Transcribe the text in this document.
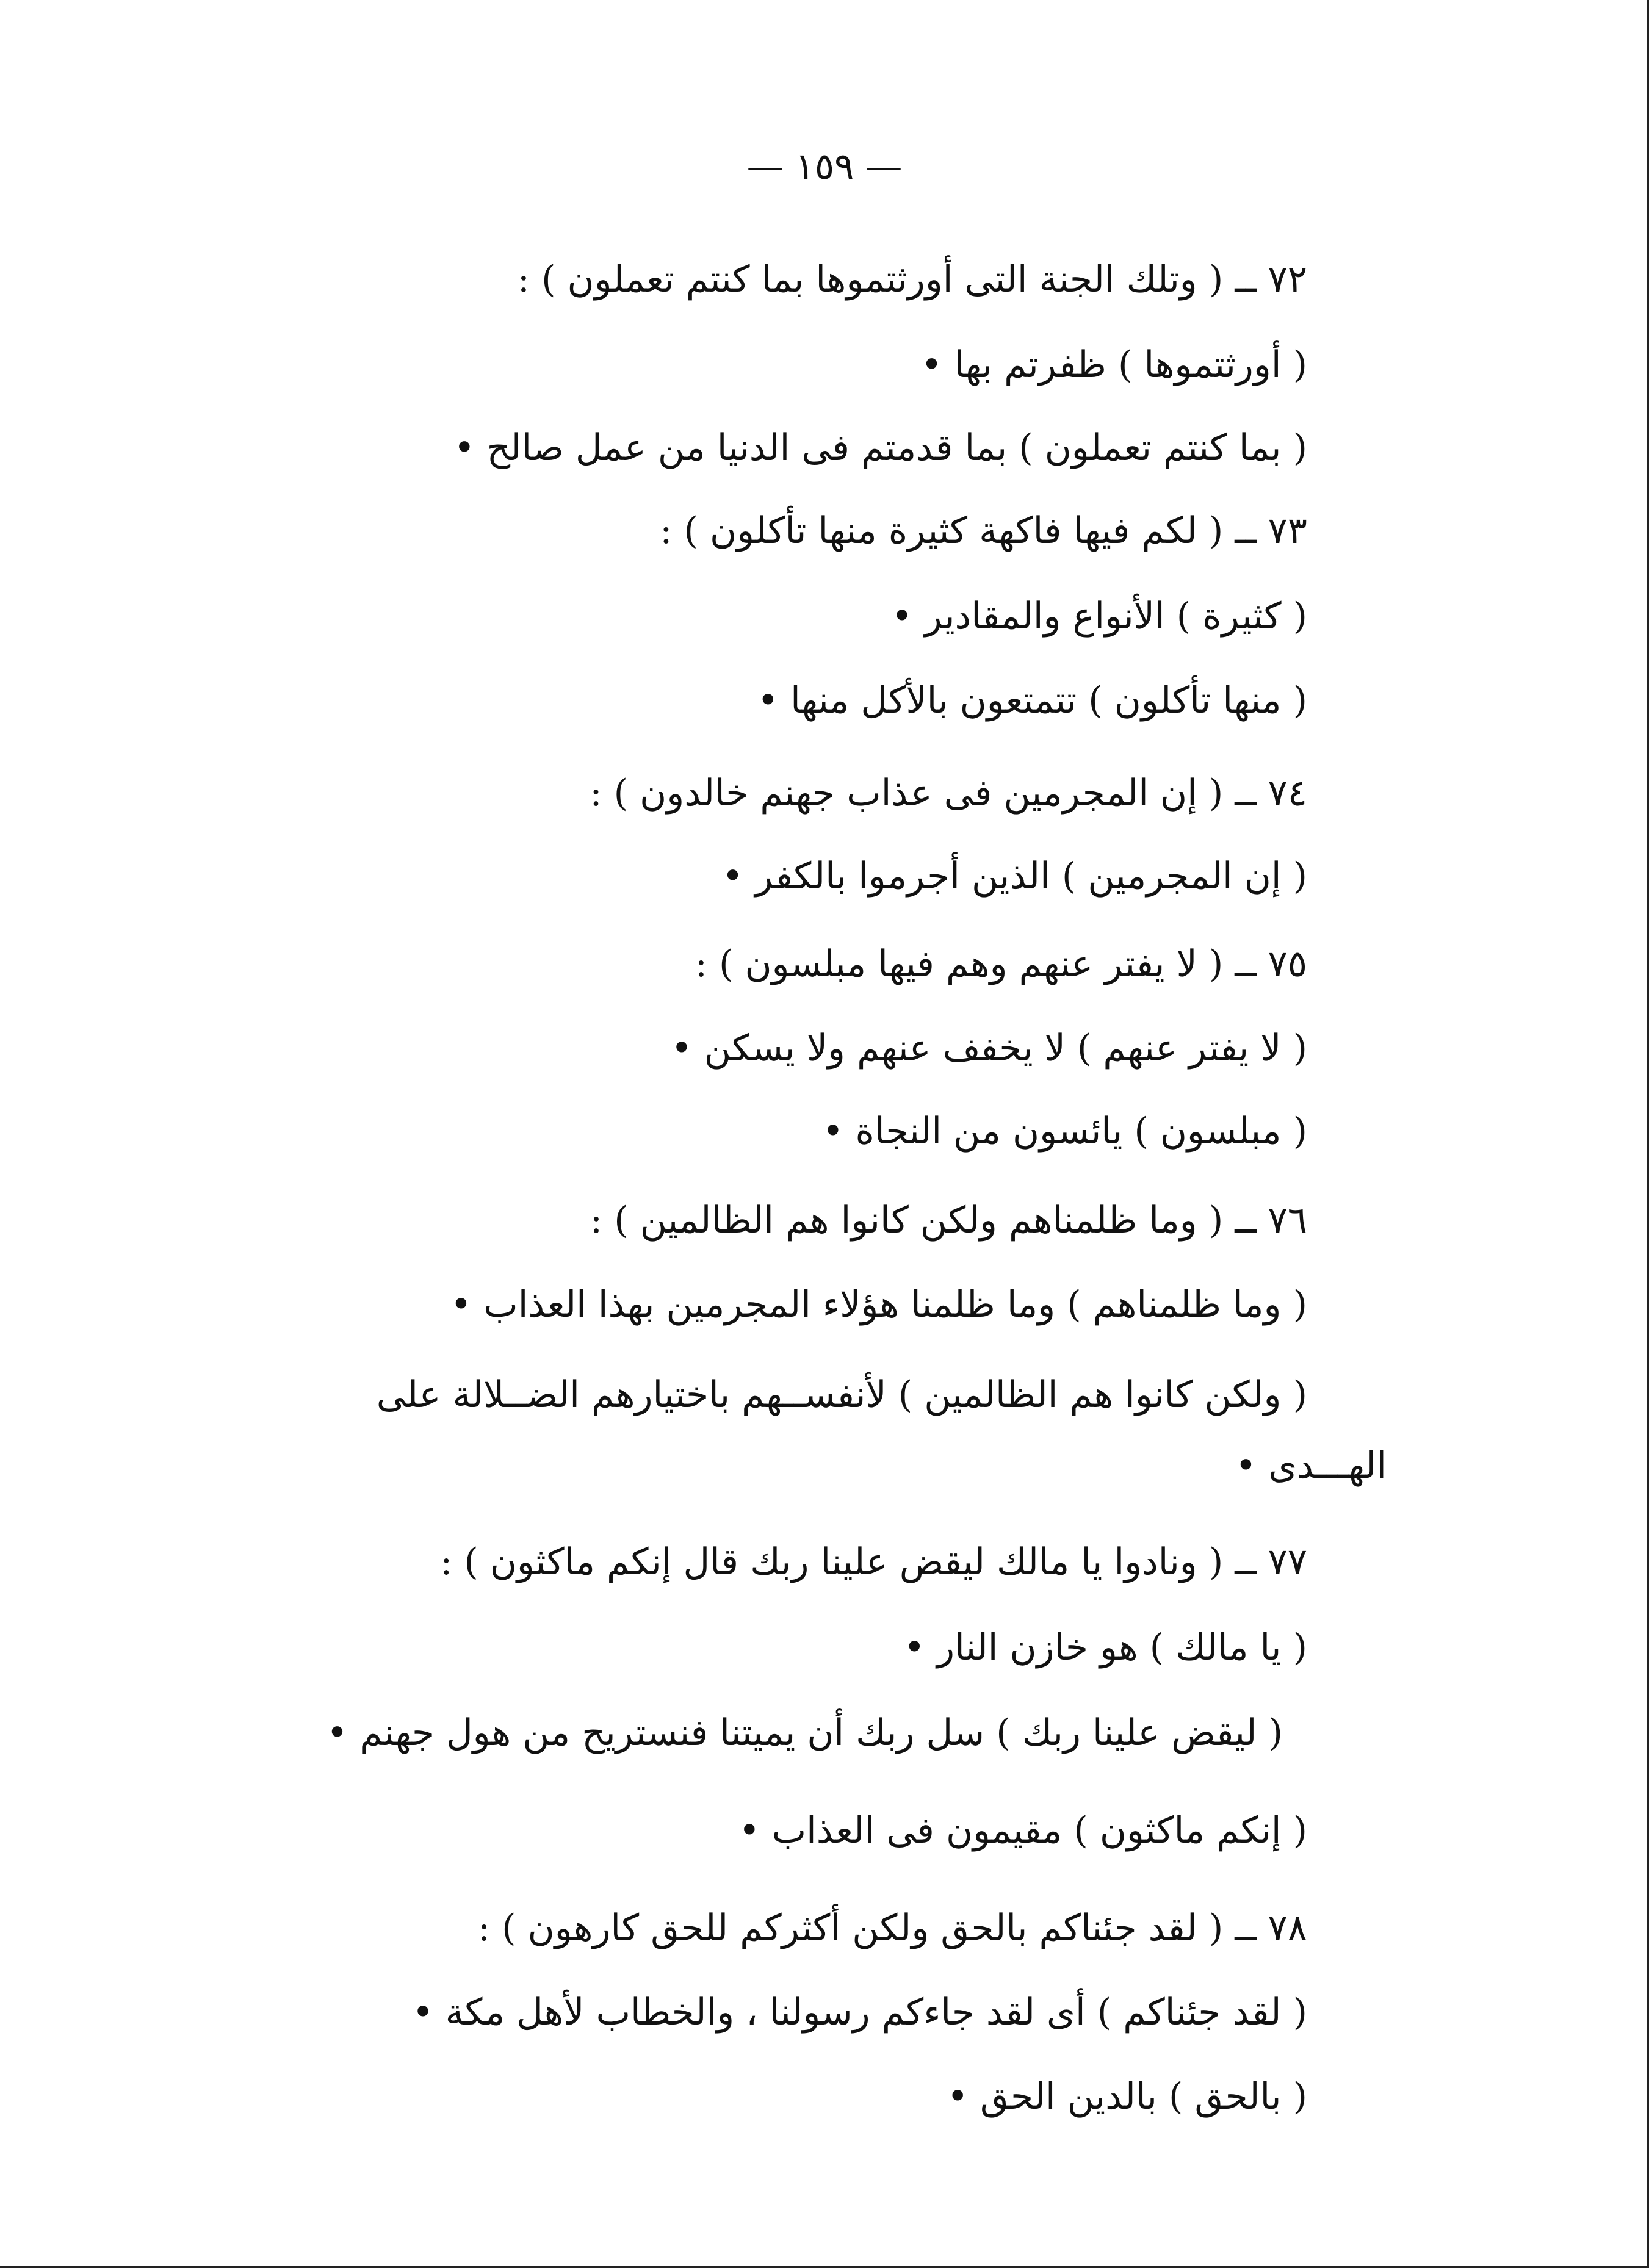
— ١٥٩ —
٧٢ ــ ( وتلك الجنة التى أورثتموها بما كنتم تعملون ) :
( أورثتموها ) ظفرتم بها •
( بما كنتم تعملون ) بما قدمتم فى الدنيا من عمل صالح •
٧٣ ــ ( لكم فيها فاكهة كثيرة منها تأكلون ) :
( كثيرة ) الأنواع والمقادير •
( منها تأكلون ) تتمتعون بالأكل منها •
٧٤ ــ ( إن المجرمين فى عذاب جهنم خالدون ) :
( إن المجرمين ) الذين أجرموا بالكفر •
٧٥ ــ ( لا يفتر عنهم وهم فيها مبلسون ) :
( لا يفتر عنهم ) لا يخفف عنهم ولا يسكن •
( مبلسون ) يائسون من النجاة •
٧٦ ــ ( وما ظلمناهم ولكن كانوا هم الظالمين ) :
( وما ظلمناهم ) وما ظلمنا هؤلاء المجرمين بهذا العذاب •
( ولكن كانوا هم الظالمين ) لأنفســهم باختيارهم الضــلالة على
الهـــدى •
٧٧ ــ ( ونادوا يا مالك ليقض علينا ربك قال إنكم ماكثون ) :
( يا مالك ) هو خازن النار •
( ليقض علينا ربك ) سل ربك أن يميتنا فنستريح من هول جهنم •
( إنكم ماكثون ) مقيمون فى العذاب •
٧٨ ــ ( لقد جئناكم بالحق ولكن أكثركم للحق كارهون ) :
( لقد جئناكم ) أى لقد جاءكم رسولنا ، والخطاب لأهل مكة •
( بالحق ) بالدين الحق •
